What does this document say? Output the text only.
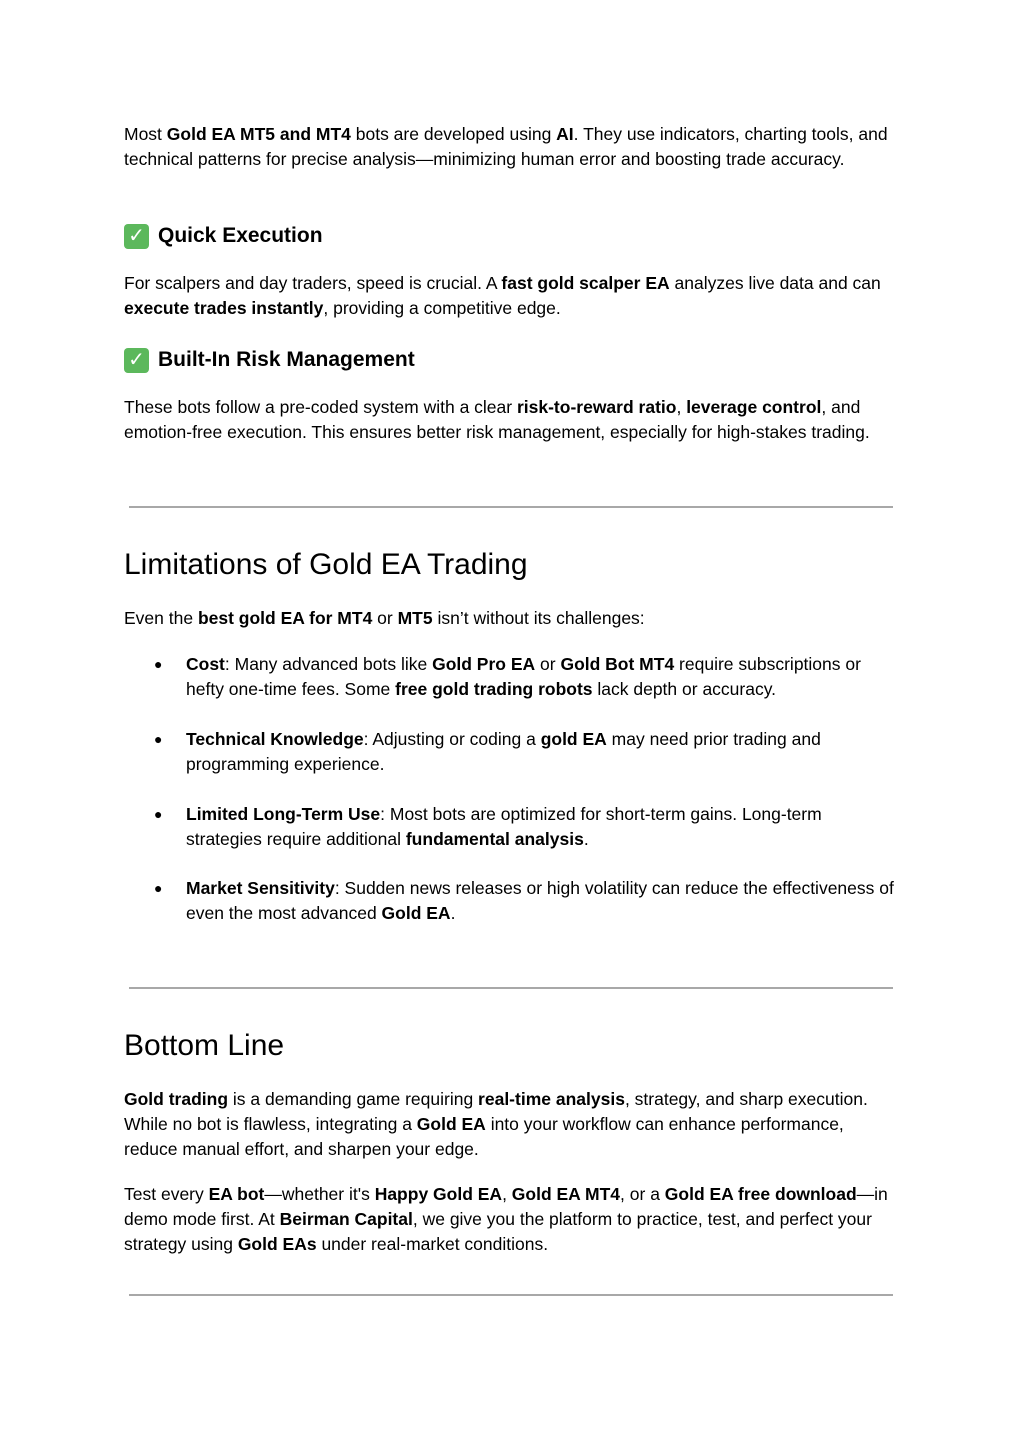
Most Gold EA MT5 and MT4 bots are developed using AI. They use indicators, charting tools, and technical patterns for precise analysis—minimizing human error and boosting trade accuracy.

✓ Quick Execution

For scalpers and day traders, speed is crucial. A fast gold scalper EA analyzes live data and can execute trades instantly, providing a competitive edge.

✓ Built-In Risk Management

These bots follow a pre-coded system with a clear risk-to-reward ratio, leverage control, and emotion-free execution. This ensures better risk management, especially for high-stakes trading.

Limitations of Gold EA Trading

Even the best gold EA for MT4 or MT5 isn’t without its challenges:

● Cost: Many advanced bots like Gold Pro EA or Gold Bot MT4 require subscriptions or hefty one-time fees. Some free gold trading robots lack depth or accuracy.

● Technical Knowledge: Adjusting or coding a gold EA may need prior trading and programming experience.

● Limited Long-Term Use: Most bots are optimized for short-term gains. Long-term strategies require additional fundamental analysis.

● Market Sensitivity: Sudden news releases or high volatility can reduce the effectiveness of even the most advanced Gold EA.

Bottom Line

Gold trading is a demanding game requiring real-time analysis, strategy, and sharp execution. While no bot is flawless, integrating a Gold EA into your workflow can enhance performance, reduce manual effort, and sharpen your edge.

Test every EA bot—whether it's Happy Gold EA, Gold EA MT4, or a Gold EA free download—in demo mode first. At Beirman Capital, we give you the platform to practice, test, and perfect your strategy using Gold EAs under real-market conditions.
